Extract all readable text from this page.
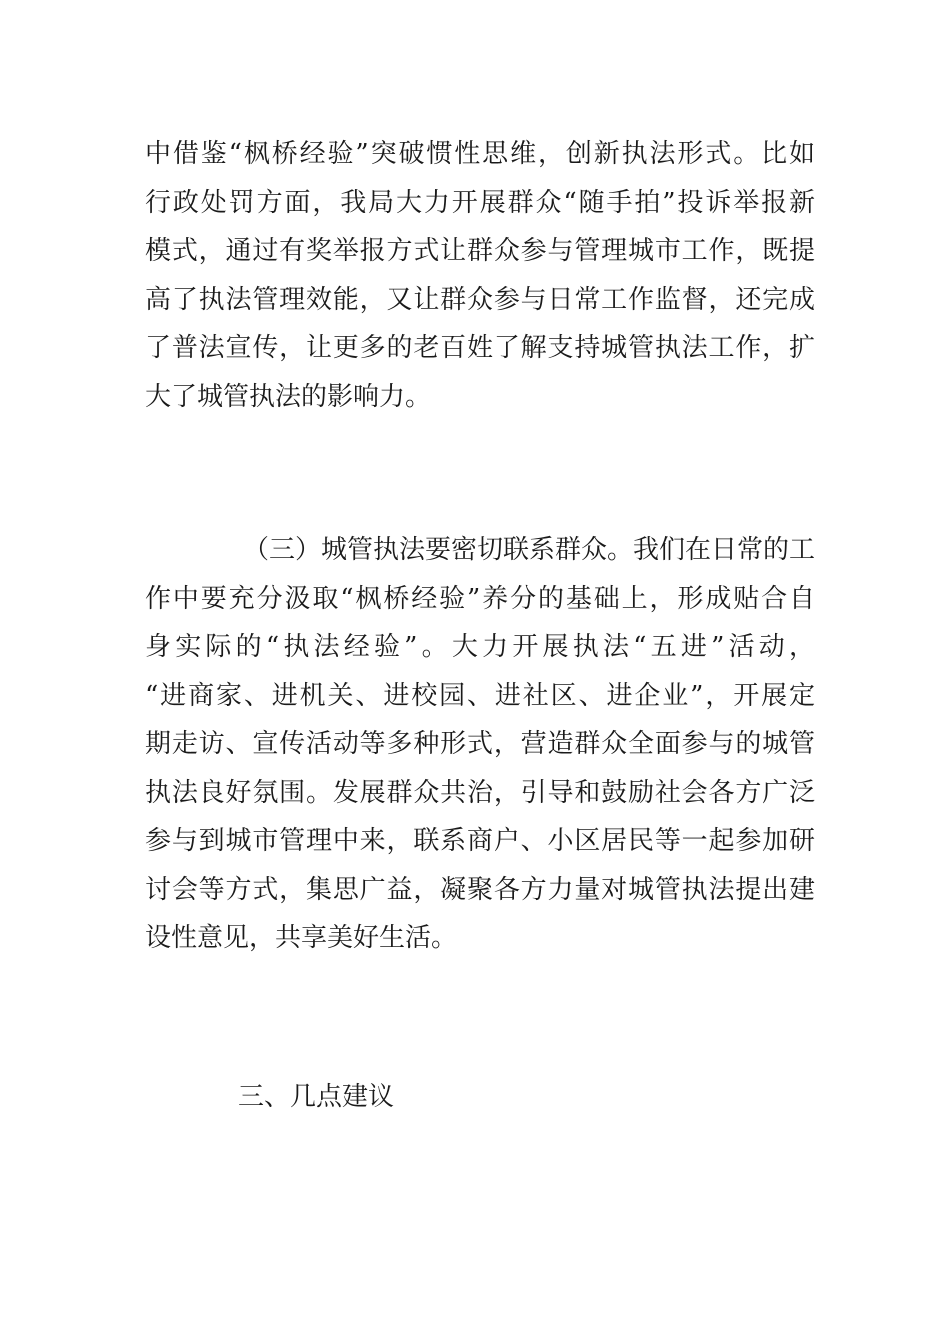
中借鉴“枫桥经验”突破惯性思维，创新执法形式。比如
行政处罚方面，我局大力开展群众“随手拍”投诉举报新
模式，通过有奖举报方式让群众参与管理城市工作，既提
高了执法管理效能，又让群众参与日常工作监督，还完成
了普法宣传，让更多的老百姓了解支持城管执法工作，扩
大了城管执法的影响力。

（三）城管执法要密切联系群众。我们在日常的工
作中要充分汲取“枫桥经验”养分的基础上，形成贴合自
身实际的“执法经验”。大力开展执法“五进”活动，
“进商家、进机关、进校园、进社区、进企业”，开展定
期走访、宣传活动等多种形式，营造群众全面参与的城管
执法良好氛围。发展群众共治，引导和鼓励社会各方广泛
参与到城市管理中来，联系商户、小区居民等一起参加研
讨会等方式，集思广益，凝聚各方力量对城管执法提出建
设性意见，共享美好生活。

三、几点建议
